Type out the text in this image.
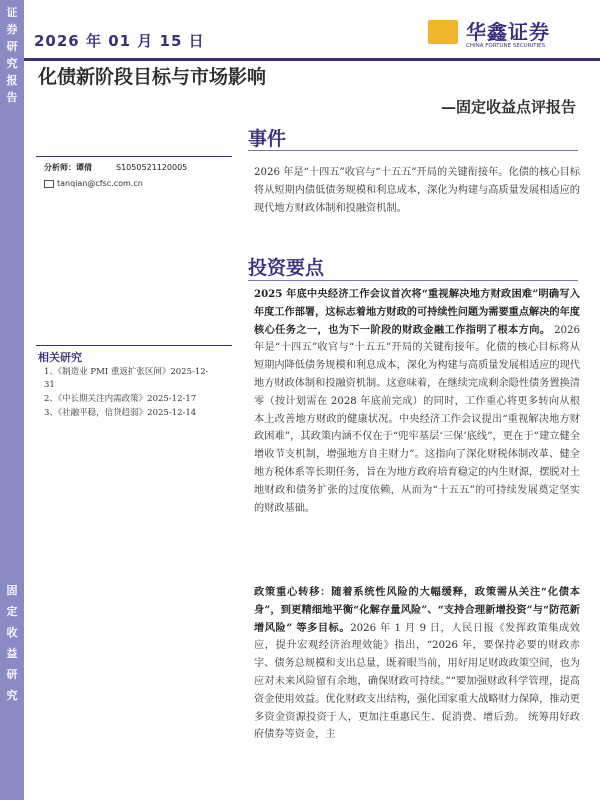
证
券
研
究
报
告
固
定
收
益
研
究
2026 年 01 月 15 日	华鑫证券
CHINA FORTUNE SECURITIES
化债新阶段目标与市场影响
—固定收益点评报告
事件
分析师：谭倩	S1050521120005
tanqian@cfsc.com.cn
2026 年是“十四五”收官与“十五五”开局的关键衔接年。化债的核心目标将从短期内债低债务规模和利息成本，深化为构建与高质量发展相适应的现代地方财政体制和投融资机制。
投资要点
相关研究
1、《制造业 PMI 重返扩张区间》2025-12-31
2、《中长期关注内需政策》2025-12-17
3、《社融平稳，信贷趋弱》2025-12-14
2025 年底中央经济工作会议首次将“重视解决地方财政困难”明确写入年度工作部署，这标志着地方财政的可持续性问题为需要重点解决的年度核心任务之一，也为下一阶段的财政金融工作指明了根本方向。 2026 年是“十四五”收官与“十五五”开局的关键衔接年。化债的核心目标将从短期内降低债务规模和利息成本，深化为构建与高质量发展相适应的现代地方财政体制和投融资机制。这意味着，在继续完成剩余隐性债务置换清零（按计划需在 2028 年底前完成）的同时，工作重心将更多转向从根本上改善地方财政的健康状况。中央经济工作会议提出“重视解决地方财政困难”，其政策内涵不仅在于“兜牢基层‘三保’底线”，更在于“建立健全增收节支机制，增强地方自主财力”。这指向了深化财税体制改革、健全地方税体系等长期任务，旨在为地方政府培育稳定的内生财源，摆脱对土地财政和债务扩张的过度依赖，从而为“十五五”的可持续发展奠定坚实的财政基础。
政策重心转移：随着系统性风险的大幅缓释，政策需从关注“化债本身”，到更精细地平衡“化解存量风险”、“支持合理新增投资”与“防范新增风险” 等多目标。2026 年 1 月 9 日，人民日报《发挥政策集成效应，提升宏观经济治理效能》指出，“2026 年，要保持必要的财政赤字、债务总规模和支出总量，既着眼当前，用好用足财政政策空间，也为应对未来风险留有余地，确保财政可持续。”“要加强财政科学管理，提高资金使用效益。优化财政支出结构，强化国家重大战略财力保障，推动更多资金资源投资于人，更加注重惠民生、促消费、增后劲。 统筹用好政府债券等资金，主
